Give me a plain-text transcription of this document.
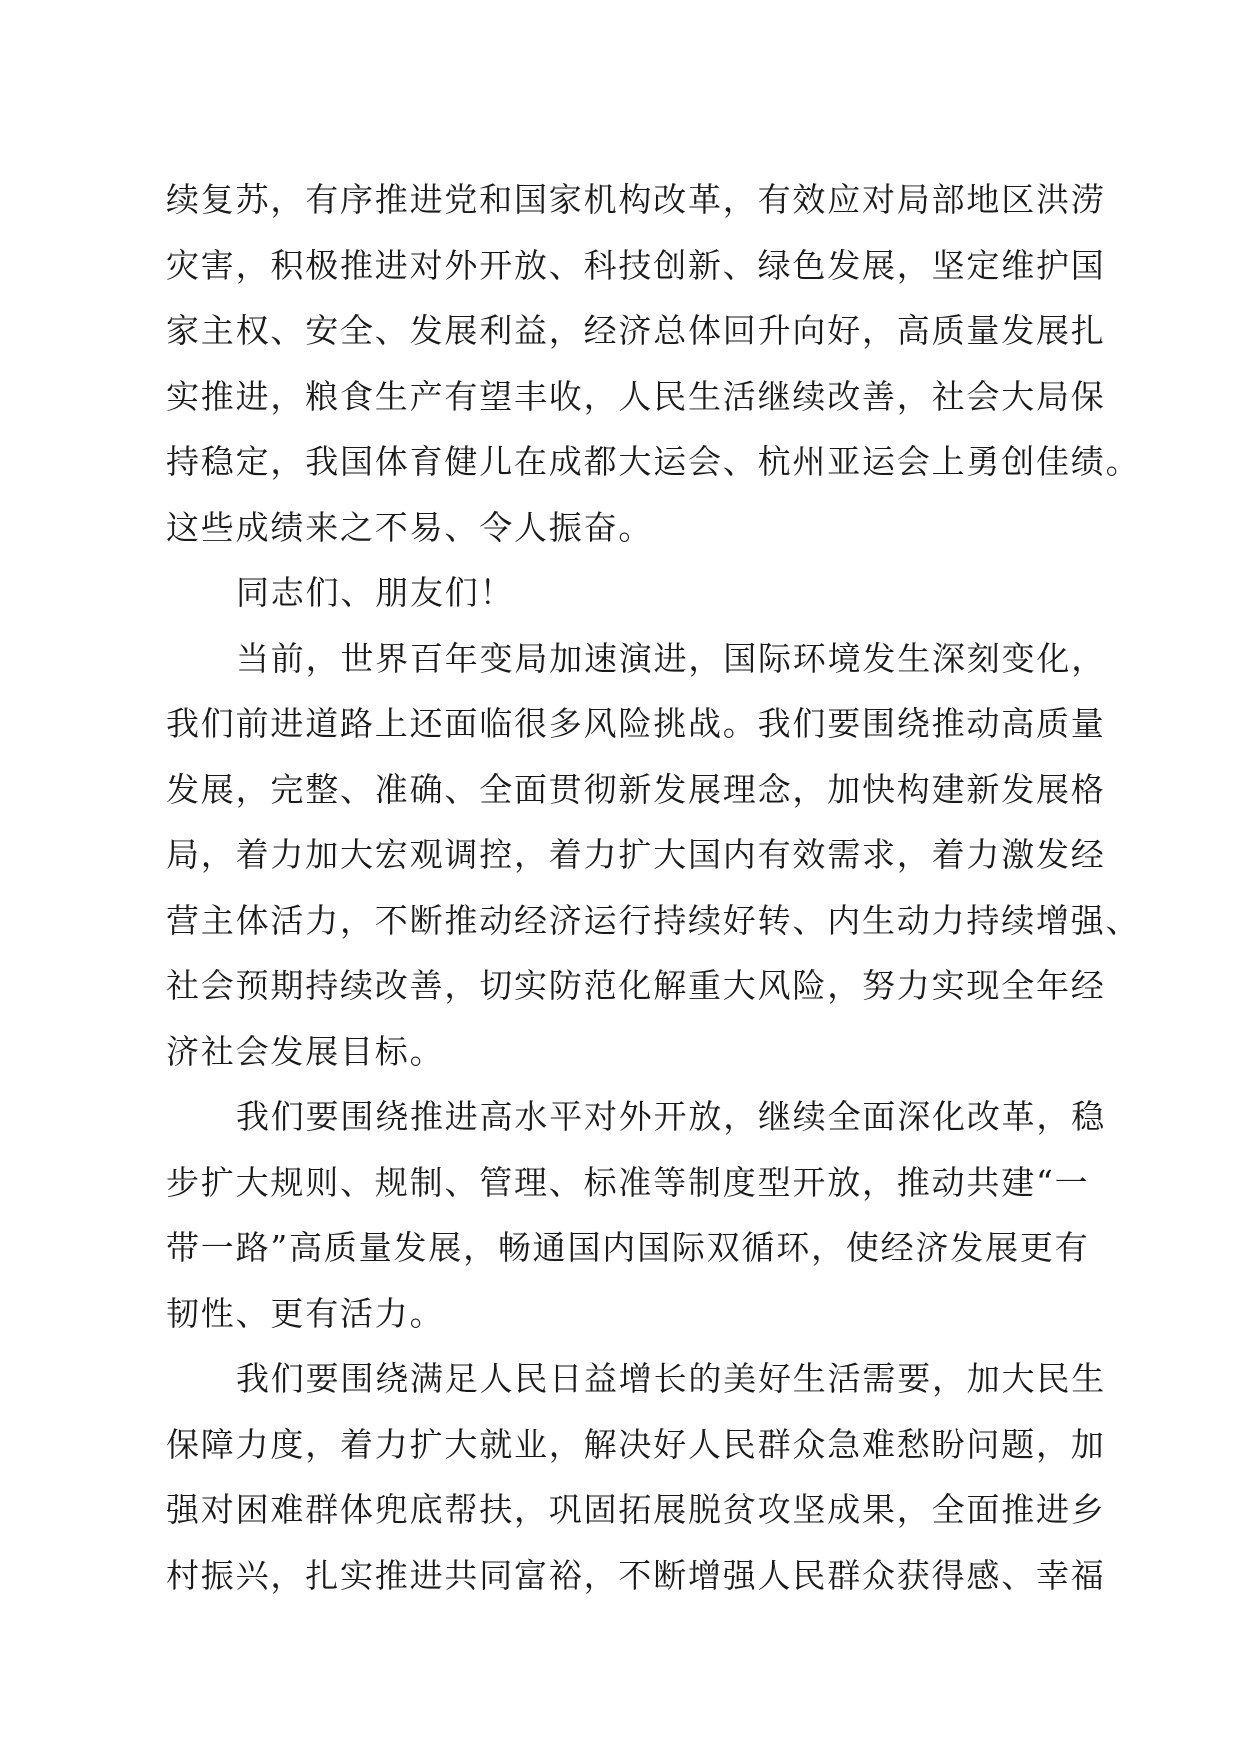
续复苏，有序推进党和国家机构改革，有效应对局部地区洪涝
灾害，积极推进对外开放、科技创新、绿色发展，坚定维护国
家主权、安全、发展利益，经济总体回升向好，高质量发展扎
实推进，粮食生产有望丰收，人民生活继续改善，社会大局保
持稳定，我国体育健儿在成都大运会、杭州亚运会上勇创佳绩。
这些成绩来之不易、令人振奋。
同志们、朋友们！
当前，世界百年变局加速演进，国际环境发生深刻变化，
我们前进道路上还面临很多风险挑战。我们要围绕推动高质量
发展，完整、准确、全面贯彻新发展理念，加快构建新发展格
局，着力加大宏观调控，着力扩大国内有效需求，着力激发经
营主体活力，不断推动经济运行持续好转、内生动力持续增强、
社会预期持续改善，切实防范化解重大风险，努力实现全年经
济社会发展目标。
我们要围绕推进高水平对外开放，继续全面深化改革，稳
步扩大规则、规制、管理、标准等制度型开放，推动共建“一
带一路”高质量发展，畅通国内国际双循环，使经济发展更有
韧性、更有活力。
我们要围绕满足人民日益增长的美好生活需要，加大民生
保障力度，着力扩大就业，解决好人民群众急难愁盼问题，加
强对困难群体兜底帮扶，巩固拓展脱贫攻坚成果，全面推进乡
村振兴，扎实推进共同富裕，不断增强人民群众获得感、幸福
